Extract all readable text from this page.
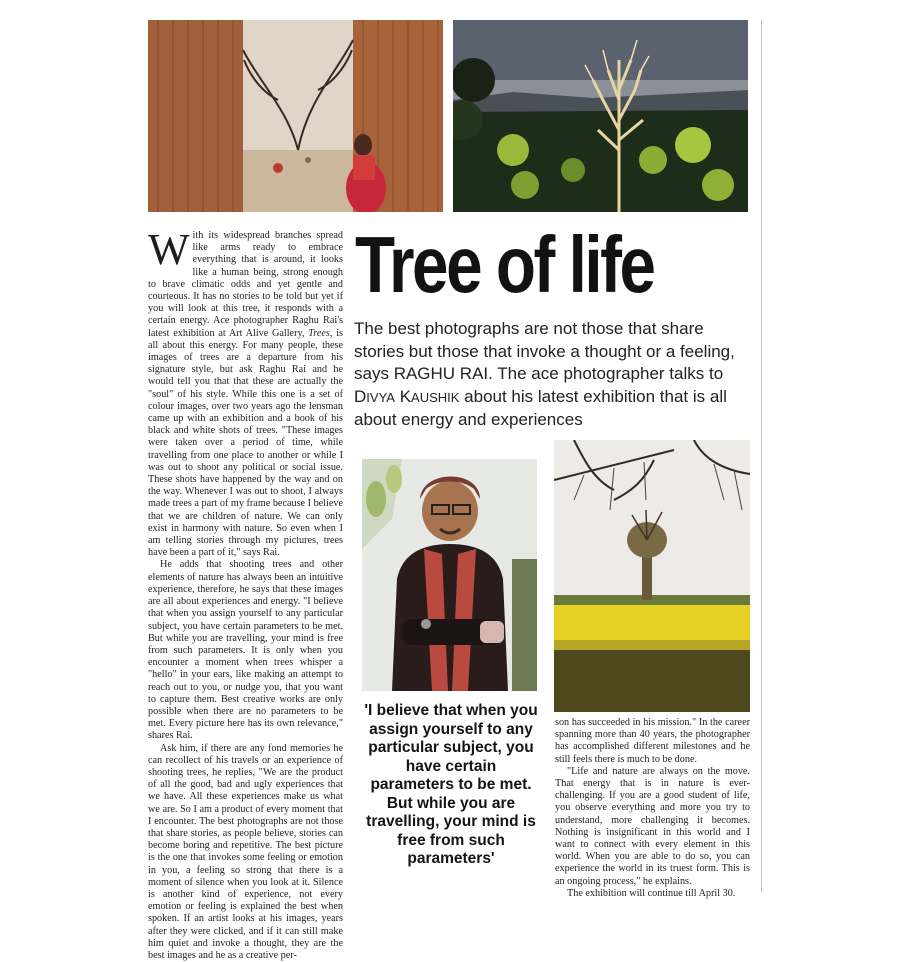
Tree of life
The best photographs are not those that share stories but those that invoke a thought or a feeling, says RAGHU RAI. The ace photographer talks to DIVYA KAUSHIK about his latest exhibition that is all about energy and experiences

With its widespread branches spread like arms ready to embrace everything that is around, it looks like a human being, strong enough to brave climatic odds and yet gentle and courteous. It has no stories to be told but yet if you will look at this tree, it responds with a certain energy. Ace photographer Raghu Rai's latest exhibition at Art Alive Gallery, Trees, is all about this energy. For many people, these images of trees are a departure from his signature style, but ask Raghu Rai and he would tell you that that these are actually the "soul" of his style. While this one is a set of colour images, over two years ago the lensman came up with an exhibition and a book of his black and white shots of trees. "These images were taken over a period of time, while travelling from one place to another or while I was out to shoot any political or social issue. These shots have happened by the way and on the way. Whenever I was out to shoot, I always made trees a part of my frame because I believe that we are children of nature. We can only exist in harmony with nature. So even when I am telling stories through my pictures, trees have been a part of it," says Rai.

He adds that shooting trees and other elements of nature has always been an intuitive experience, therefore, he says that these images are all about experiences and energy. "I believe that when you assign yourself to any particular subject, you have certain parameters to be met. But while you are travelling, your mind is free from such parameters. It is only when you encounter a moment when trees whisper a "hello" in your ears, like making an attempt to reach out to you, or nudge you, that you want to capture them. Best creative works are only possible when there are no parameters to be met. Every picture here has its own relevance," shares Rai.

Ask him, if there are any fond memories he can recollect of his travels or an experience of shooting trees, he replies, "We are the product of all the good, bad and ugly experiences that we have. All these experiences make us what we are. So I am a product of every moment that I encounter. The best photographs are not those that share stories, as people believe, stories can become boring and repetitive. The best picture is the one that invokes some feeling or emotion in you, a feeling so strong that there is a moment of silence when you look at it. Silence is another kind of experience, not every emotion or feeling is explained the best when spoken. If an artist looks at his images, years after they were clicked, and if it can still make him quiet and invoke a thought, they are the best images and he as a creative per-

'I believe that when you assign yourself to any particular subject, you have certain parameters to be met. But while you are travelling, your mind is free from such parameters'

son has succeeded in his mission." In the career spanning more than 40 years, the photographer has accomplished different milestones and he still feels there is much to be done.

"Life and nature are always on the move. That energy that is in nature is ever-challenging. If you are a good student of life, you observe everything and more you try to understand, more challenging it becomes. Nothing is insignificant in this world and I want to connect with every element in this world. When you are able to do so, you can experience the world in its truest form. This is an ongoing process," he explains.

The exhibition will continue till April 30.
